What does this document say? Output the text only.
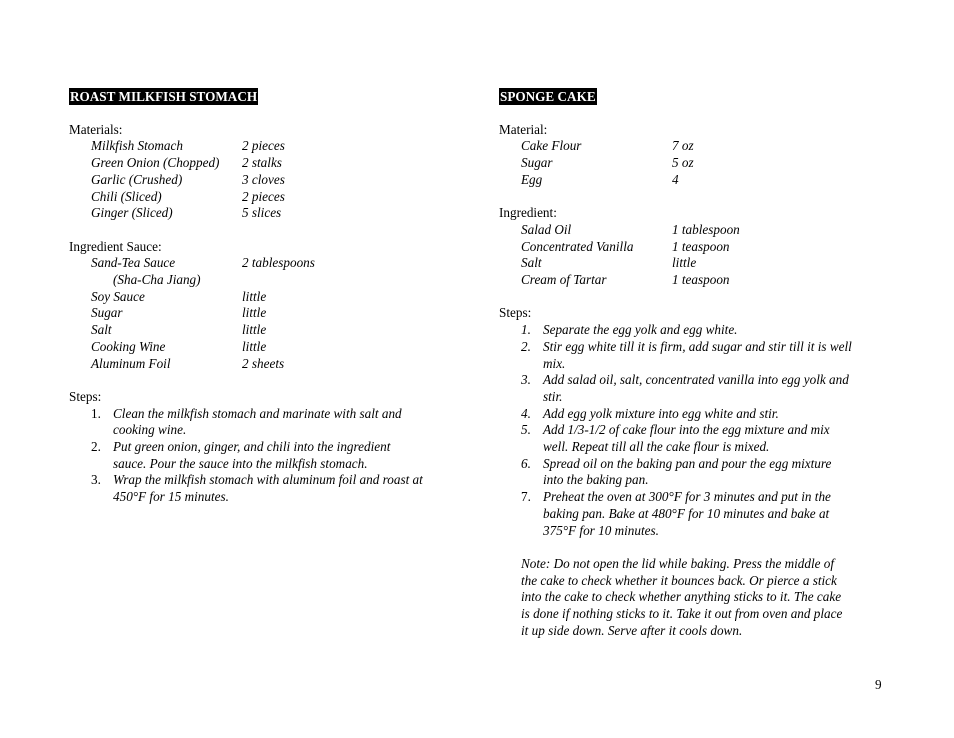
ROAST MILKFISH STOMACH
Materials:
Milkfish Stomach	2 pieces
Green Onion (Chopped)	2 stalks
Garlic (Crushed)	3 cloves
Chili (Sliced)	2 pieces
Ginger (Sliced)	5 slices
Ingredient Sauce:
Sand-Tea Sauce	2 tablespoons
(Sha-Cha Jiang)
Soy Sauce	little
Sugar	little
Salt	little
Cooking Wine	little
Aluminum Foil	2 sheets
Steps:
1. Clean the milkfish stomach and marinate with salt and
cooking wine.
2. Put green onion, ginger, and chili into the ingredient
sauce. Pour the sauce into the milkfish stomach.
3. Wrap the milkfish stomach with aluminum foil and roast at
450°F for 15 minutes.
SPONGE CAKE
Material:
Cake Flour	7 oz
Sugar	5 oz
Egg	4
Ingredient:
Salad Oil	1 tablespoon
Concentrated Vanilla	1 teaspoon
Salt	little
Cream of Tartar	1 teaspoon
Steps:
1. Separate the egg yolk and egg white.
2. Stir egg white till it is firm, add sugar and stir till it is well
mix.
3. Add salad oil, salt, concentrated vanilla into egg yolk and
stir.
4. Add egg yolk mixture into egg white and stir.
5. Add 1/3-1/2 of cake flour into the egg mixture and mix
well. Repeat till all the cake flour is mixed.
6. Spread oil on the baking pan and pour the egg mixture
into the baking pan.
7. Preheat the oven at 300°F for 3 minutes and put in the
baking pan. Bake at 480°F for 10 minutes and bake at
375°F for 10 minutes.
Note: Do not open the lid while baking. Press the middle of
the cake to check whether it bounces back. Or pierce a stick
into the cake to check whether anything sticks to it. The cake
is done if nothing sticks to it. Take it out from oven and place
it up side down. Serve after it cools down.
9
